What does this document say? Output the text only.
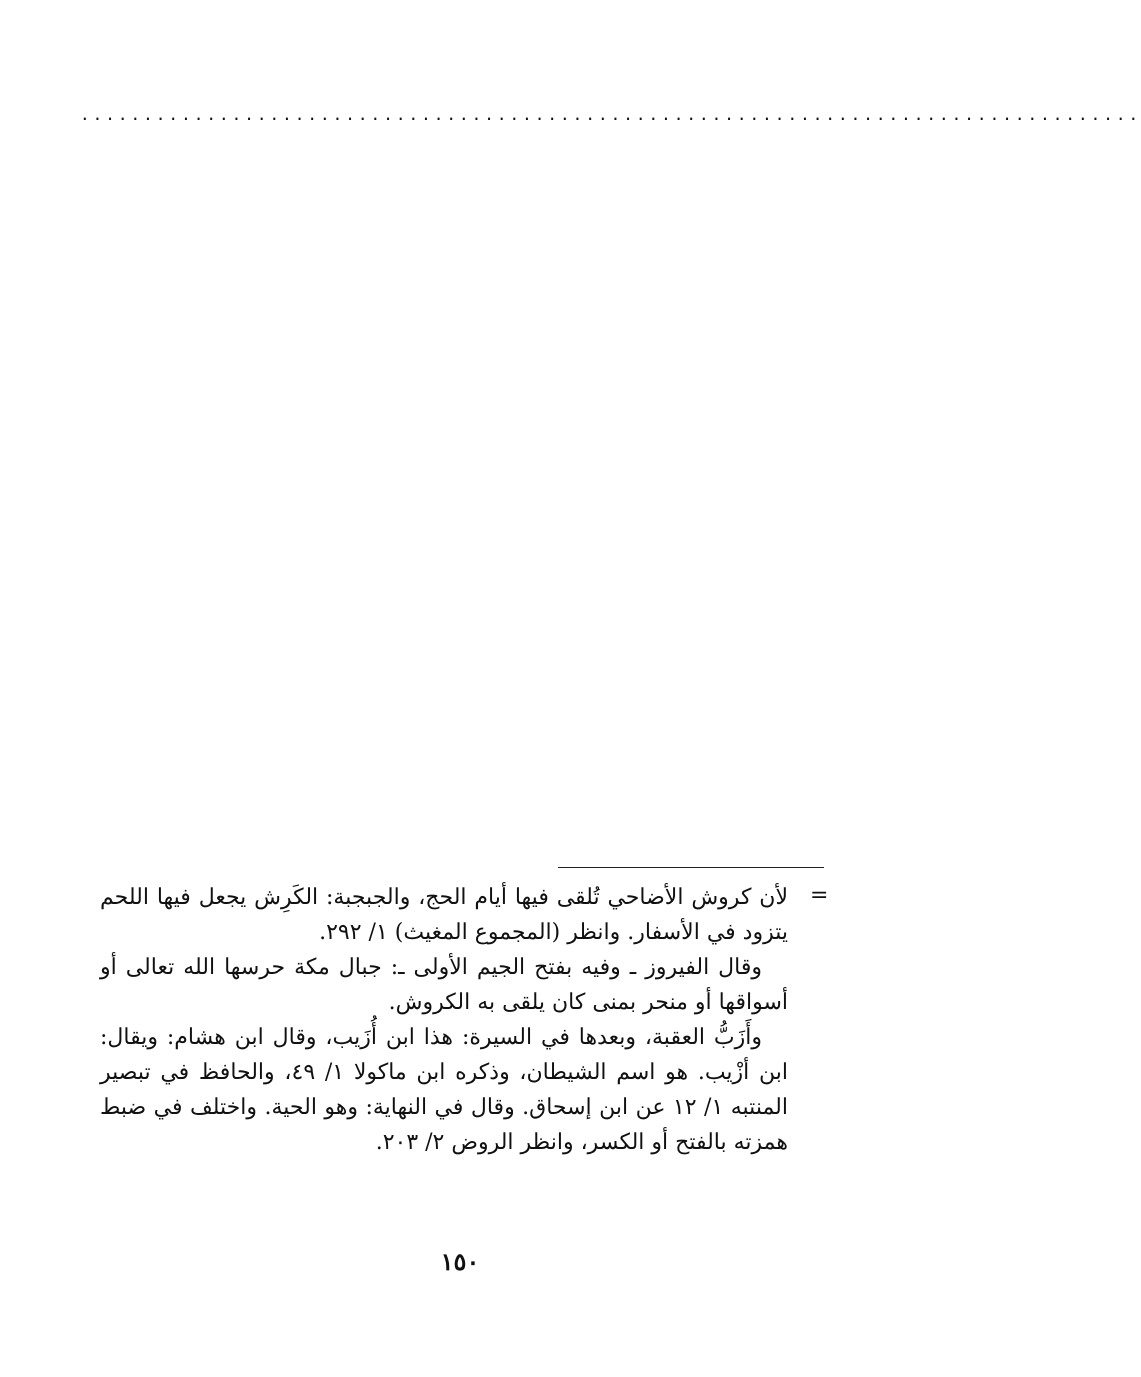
....................................................................................
=

لأن كروش الأضاحي تُلقى فيها أيام الحج، والجبجبة: الكَرِش يجعل فيها اللحم يتزود في الأسفار. وانظر (المجموع المغيث) ١/ ٢٩٢.

وقال الفيروز ـ وفيه بفتح الجيم الأولى ـ: جبال مكة حرسها الله تعالى أو أسواقها أو منحر بمنى كان يلقى به الكروش.

وأَزَبُّ العقبة، وبعدها في السيرة: هذا ابن أُزَيب، وقال ابن هشام: ويقال: ابن أزْيب. هو اسم الشيطان، وذكره ابن ماكولا ١/ ٤٩، والحافظ في تبصير المنتبه ١/ ١٢ عن ابن إسحاق. وقال في النهاية: وهو الحية. واختلف في ضبط همزته بالفتح أو الكسر، وانظر الروض ٢/ ٢٠٣.

١٥٠
